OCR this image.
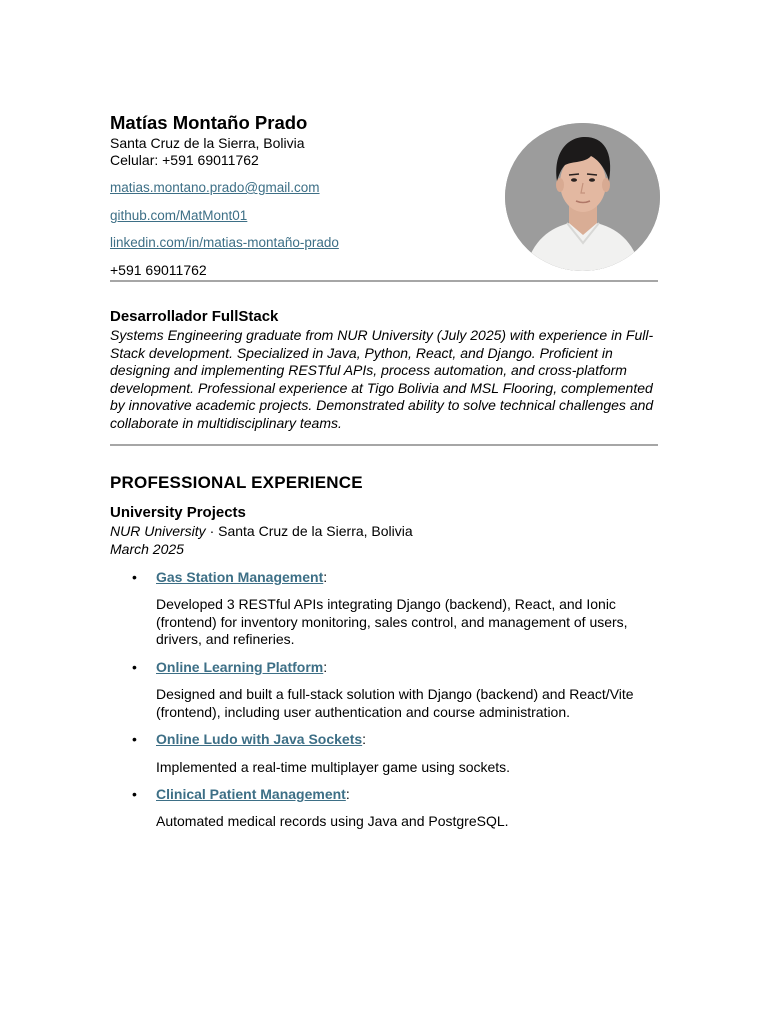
Matías Montaño Prado
Santa Cruz de la Sierra, Bolivia
Celular: +591 69011762
matias.montano.prado@gmail.com
github.com/MatMont01
linkedin.com/in/matias-montaño-prado
+591 69011762
Desarrollador FullStack
Systems Engineering graduate from NUR University (July 2025) with experience in Full-Stack development. Specialized in Java, Python, React, and Django. Proficient in designing and implementing RESTful APIs, process automation, and cross-platform development. Professional experience at Tigo Bolivia and MSL Flooring, complemented by innovative academic projects. Demonstrated ability to solve technical challenges and collaborate in multidisciplinary teams.
PROFESSIONAL EXPERIENCE
University Projects
NUR University · Santa Cruz de la Sierra, Bolivia
March 2025
• Gas Station Management:
Developed 3 RESTful APIs integrating Django (backend), React, and Ionic (frontend) for inventory monitoring, sales control, and management of users, drivers, and refineries.
• Online Learning Platform:
Designed and built a full-stack solution with Django (backend) and React/Vite (frontend), including user authentication and course administration.
• Online Ludo with Java Sockets:
Implemented a real-time multiplayer game using sockets.
• Clinical Patient Management:
Automated medical records using Java and PostgreSQL.
